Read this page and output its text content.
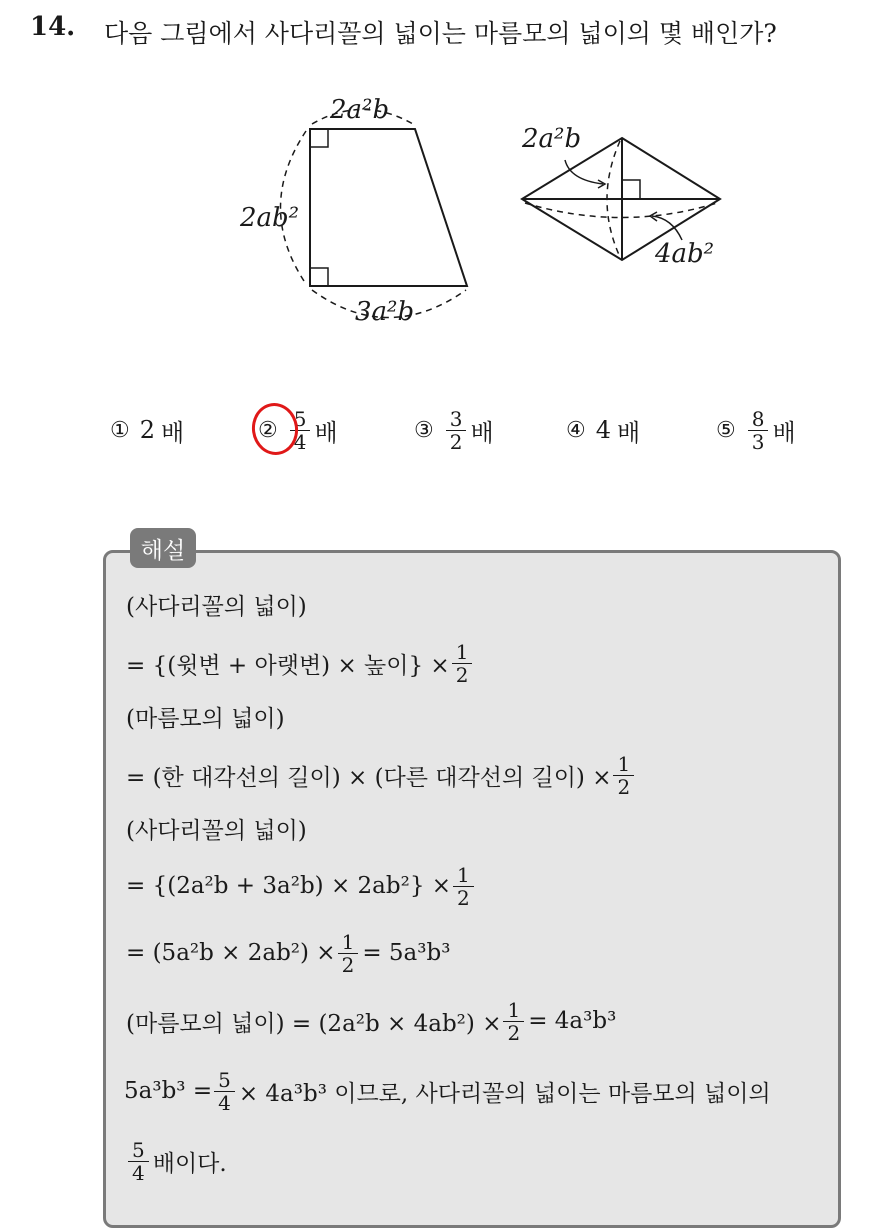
14. 다음 그림에서 사다리꼴의 넓이는 마름모의 넓이의 몇 배인가?
2a²b
2ab²
3a²b
2a²b
4ab²
① 2 배	② $\frac{5}{4}$ 배	③ $\frac{3}{2}$ 배	④ 4 배	⑤ $\frac{8}{3}$ 배
해설
(사다리꼴의 넓이)
= {(윗변 + 아랫변) × 높이} × $\frac{1}{2}$
(마름모의 넓이)
= (한 대각선의 길이) × (다른 대각선의 길이) × $\frac{1}{2}$
(사다리꼴의 넓이)
= $\{(2a^2b + 3a^2b) \times 2ab^2\} \times \frac{1}{2}$
= $(5a^2b \times 2ab^2) \times \frac{1}{2} = 5a^3b^3$
(마름모의 넓이) = $(2a^2b \times 4ab^2) \times \frac{1}{2} = 4a^3b^3$
$5a^3b^3 = \frac{5}{4} \times 4a^3b^3$ 이므로, 사다리꼴의 넓이는 마름모의 넓이의
$\frac{5}{4}$ 배이다.
